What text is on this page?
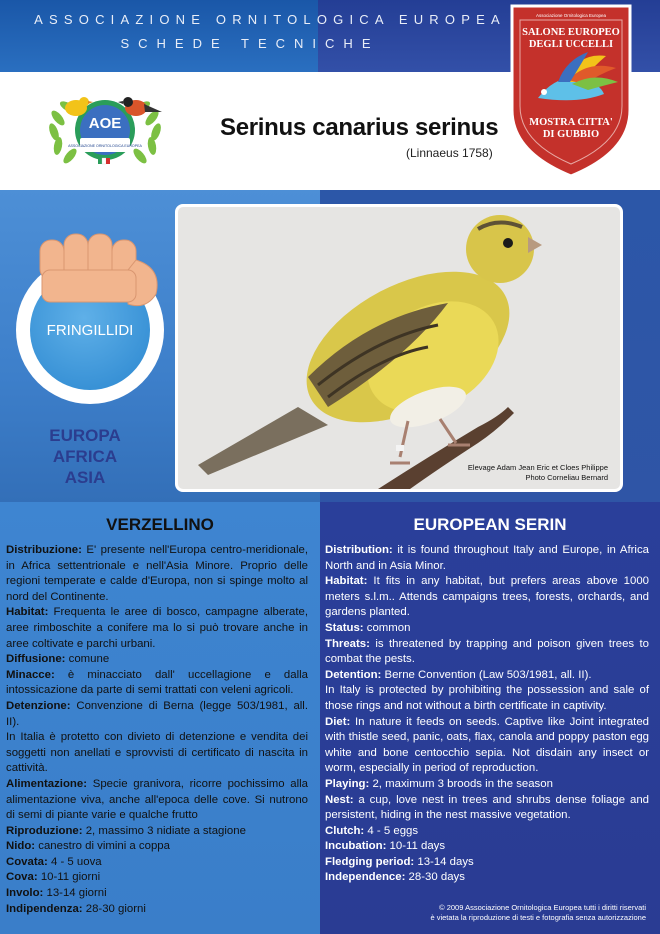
ASSOCIAZIONE ORNITOLOGICA EUROPEA
SCHEDE TECNICHE
AOE
ASSOCIAZIONE ORNITOLOGICA EUROPEA
Serinus canarius serinus
(Linnaeus 1758)
Associazione Ornitologica Europea
SALONE EUROPEO
DEGLI UCCELLI
MOSTRA CITTA'
DI GUBBIO
Elevage Adam Jean Eric et Cloes Philippe
Photo Corneliau Bernard
FRINGILLIDI
EUROPA
AFRICA
ASIA
VERZELLINO	EUROPEAN SERIN

Distribuzione: E' presente nell'Europa centro-meridionale, in Africa settentrionale e nell'Asia Minore. Proprio delle regioni temperate e calde d'Europa, non si spinge molto al nord del Continente.

Habitat: Frequenta le aree di bosco, campagne alberate, aree rimboschite a conifere ma lo si può trovare anche in aree coltivate e parchi urbani.

Diffusione: comune

Minacce: è minacciato dall' uccellagione e dalla intossicazione da parte di semi trattati con veleni agricoli.

Detenzione: Convenzione di Berna (legge 503/1981, all. II).

In Italia è protetto con divieto di detenzione e vendita dei soggetti non anellati e sprovvisti di certificato di nascita in cattività.

Alimentazione: Specie granivora, ricorre pochissimo alla alimentazione viva, anche all'epoca delle cove. Si nutrono di semi di piante varie e qualche frutto

Riproduzione: 2, massimo 3 nidiate a stagione

Nido: canestro di vimini a coppa

Covata: 4 - 5 uova

Cova: 10-11 giorni

Involo: 13-14 giorni

Indipendenza: 28-30 giorni

Distribution: it is found throughout Italy and Europe, in Africa North and in Asia Minor.

Habitat: It fits in any habitat, but prefers areas above 1000 meters s.l.m.. Attends campaigns trees, forests, orchards, and gardens planted.

Status: common

Threats: is threatened by trapping and poison given trees to combat the pests.

Detention: Berne Convention (Law 503/1981, all. II).

In Italy is protected by prohibiting the possession and sale of those rings and not without a birth certificate in captivity.

Diet: In nature it feeds on seeds. Captive like Joint integrated with thistle seed, panic, oats, flax, canola and poppy paston egg white and bone centocchio sepia. Not disdain any insect or worm, especially in period of reproduction.

Playing: 2, maximum 3 broods in the season

Nest: a cup, love nest in trees and shrubs dense foliage and persistent, hiding in the nest massive vegetation.

Clutch: 4 - 5 eggs

Incubation: 10-11 days

Fledging period: 13-14 days

Independence: 28-30 days

© 2009 Associazione Ornitologica Europea tutti i diritti riservati
è vietata la riproduzione di testi e fotografia senza autorizzazione
